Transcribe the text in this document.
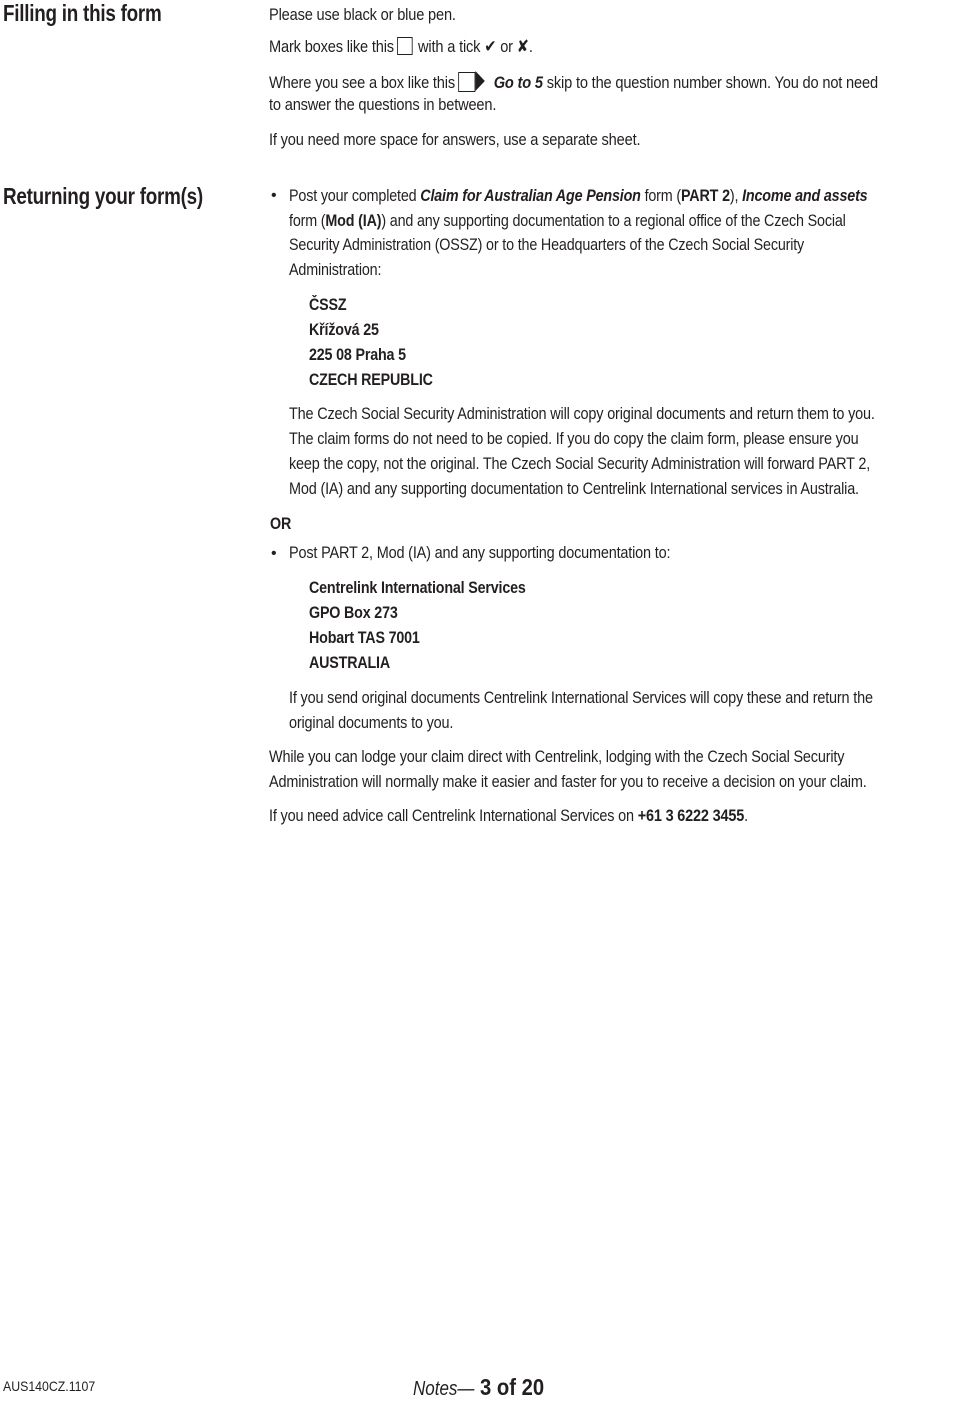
Filling in this form	Please use black or blue pen.
Mark boxes like this with a tick ✔ or ✘.
Where you see a box like this Go to 5 skip to the question number shown. You do not need
to answer the questions in between.
If you need more space for answers, use a separate sheet.
Returning your form(s)	• Post your completed Claim for Australian Age Pension form (PART 2), Income and assets
form (Mod (IA)) and any supporting documentation to a regional office of the Czech Social
Security Administration (OSSZ) or to the Headquarters of the Czech Social Security
Administration:
ČSSZ
Křížová 25
225 08 Praha 5
CZECH REPUBLIC
The Czech Social Security Administration will copy original documents and return them to you.
The claim forms do not need to be copied. If you do copy the claim form, please ensure you
keep the copy, not the original. The Czech Social Security Administration will forward PART 2,
Mod (IA) and any supporting documentation to Centrelink International services in Australia.
OR
• Post PART 2, Mod (IA) and any supporting documentation to:
Centrelink International Services
GPO Box 273
Hobart TAS 7001
AUSTRALIA
If you send original documents Centrelink International Services will copy these and return the
original documents to you.
While you can lodge your claim direct with Centrelink, lodging with the Czech Social Security
Administration will normally make it easier and faster for you to receive a decision on your claim.
If you need advice call Centrelink International Services on +61 3 6222 3455.
AUS140CZ.1107	Notes— 3 of 20
